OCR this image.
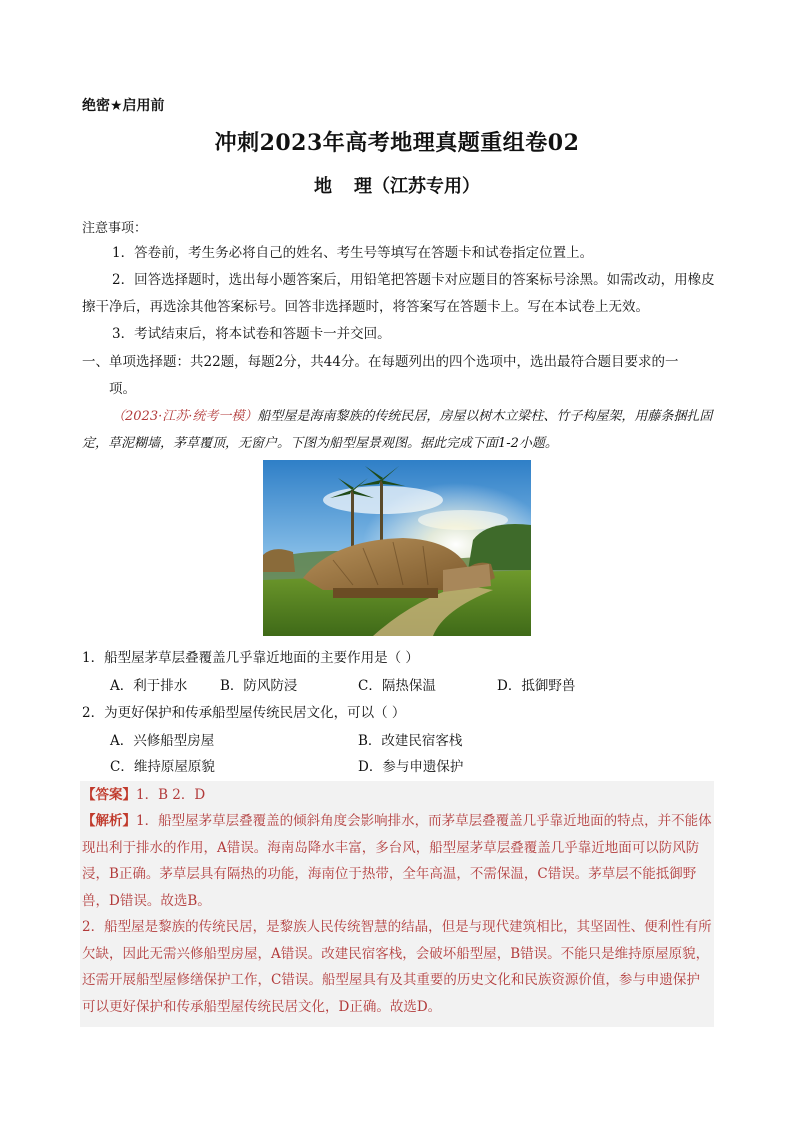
绝密★启用前
冲刺2023年高考地理真题重组卷02
地 理（江苏专用）
注意事项：
1．答卷前，考生务必将自己的姓名、考生号等填写在答题卡和试卷指定位置上。
2．回答选择题时，选出每小题答案后，用铅笔把答题卡对应题目的答案标号涂黑。如需改动，用橡皮擦干净后，再选涂其他答案标号。回答非选择题时，将答案写在答题卡上。写在本试卷上无效。
3．考试结束后，将本试卷和答题卡一并交回。
一、单项选择题：共22题，每题2分，共44分。在每题列出的四个选项中，选出最符合题目要求的一
项。
（2023·江苏·统考一模）船型屋是海南黎族的传统民居，房屋以树木立梁柱、竹子构屋架，用藤条捆扎固定，草泥糊墙，茅草覆顶，无窗户。下图为船型屋景观图。据此完成下面1-2小题。
1．船型屋茅草层叠覆盖几乎靠近地面的主要作用是（ ）
A．利于排水 B．防风防浸	C．隔热保温	D．抵御野兽
2．为更好保护和传承船型屋传统民居文化，可以（ ）
A．兴修船型房屋	B．改建民宿客栈
C．维持原屋原貌	D．参与申遗保护
【答案】1．B 2．D
【解析】1．船型屋茅草层叠覆盖的倾斜角度会影响排水，而茅草层叠覆盖几乎靠近地面的特点，并不能体现出利于排水的作用，A错误。海南岛降水丰富，多台风，船型屋茅草层叠覆盖几乎靠近地面可以防风防浸，B正确。茅草层具有隔热的功能，海南位于热带，全年高温，不需保温，C错误。茅草层不能抵御野兽，D错误。故选B。
2．船型屋是黎族的传统民居，是黎族人民传统智慧的结晶，但是与现代建筑相比，其坚固性、便利性有所欠缺，因此无需兴修船型房屋，A错误。改建民宿客栈，会破坏船型屋，B错误。不能只是维持原屋原貌，还需开展船型屋修缮保护工作，C错误。船型屋具有及其重要的历史文化和民族资源价值，参与申遗保护可以更好保护和传承船型屋传统民居文化，D正确。故选D。
